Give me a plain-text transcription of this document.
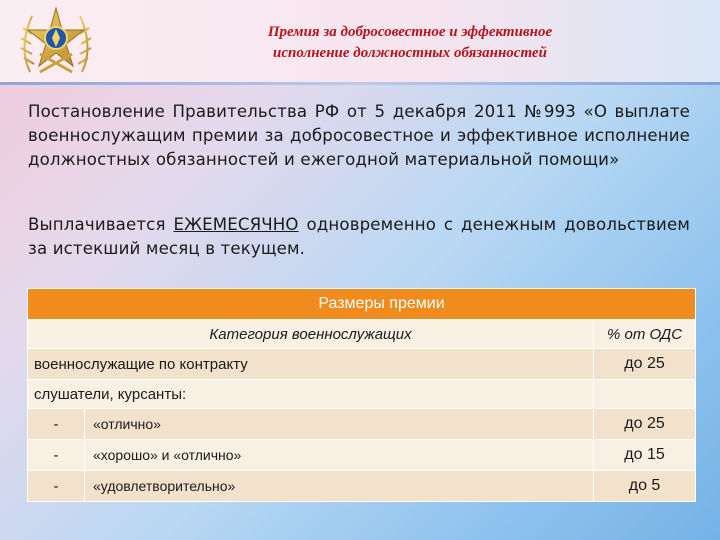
Премия за добросовестное и эффективное
исполнение должностных обязанностей
Постановление Правительства РФ от 5 декабря 2011 №993 «О выплате военнослужащим премии за добросовестное и эффективное исполнение должностных обязанностей и ежегодной материальной помощи»
Выплачивается ЕЖЕМЕСЯЧНО одновременно с денежным довольствием за истекший месяц в текущем.
Размеры премии		
Категория военнослужащих		% от ОДС
военнослужащие по контракту		до 25
слушатели, курсанты:		
-	«отлично»	до 25
-	«хорошо» и «отлично»	до 15
-	«удовлетворительно»	до 5
